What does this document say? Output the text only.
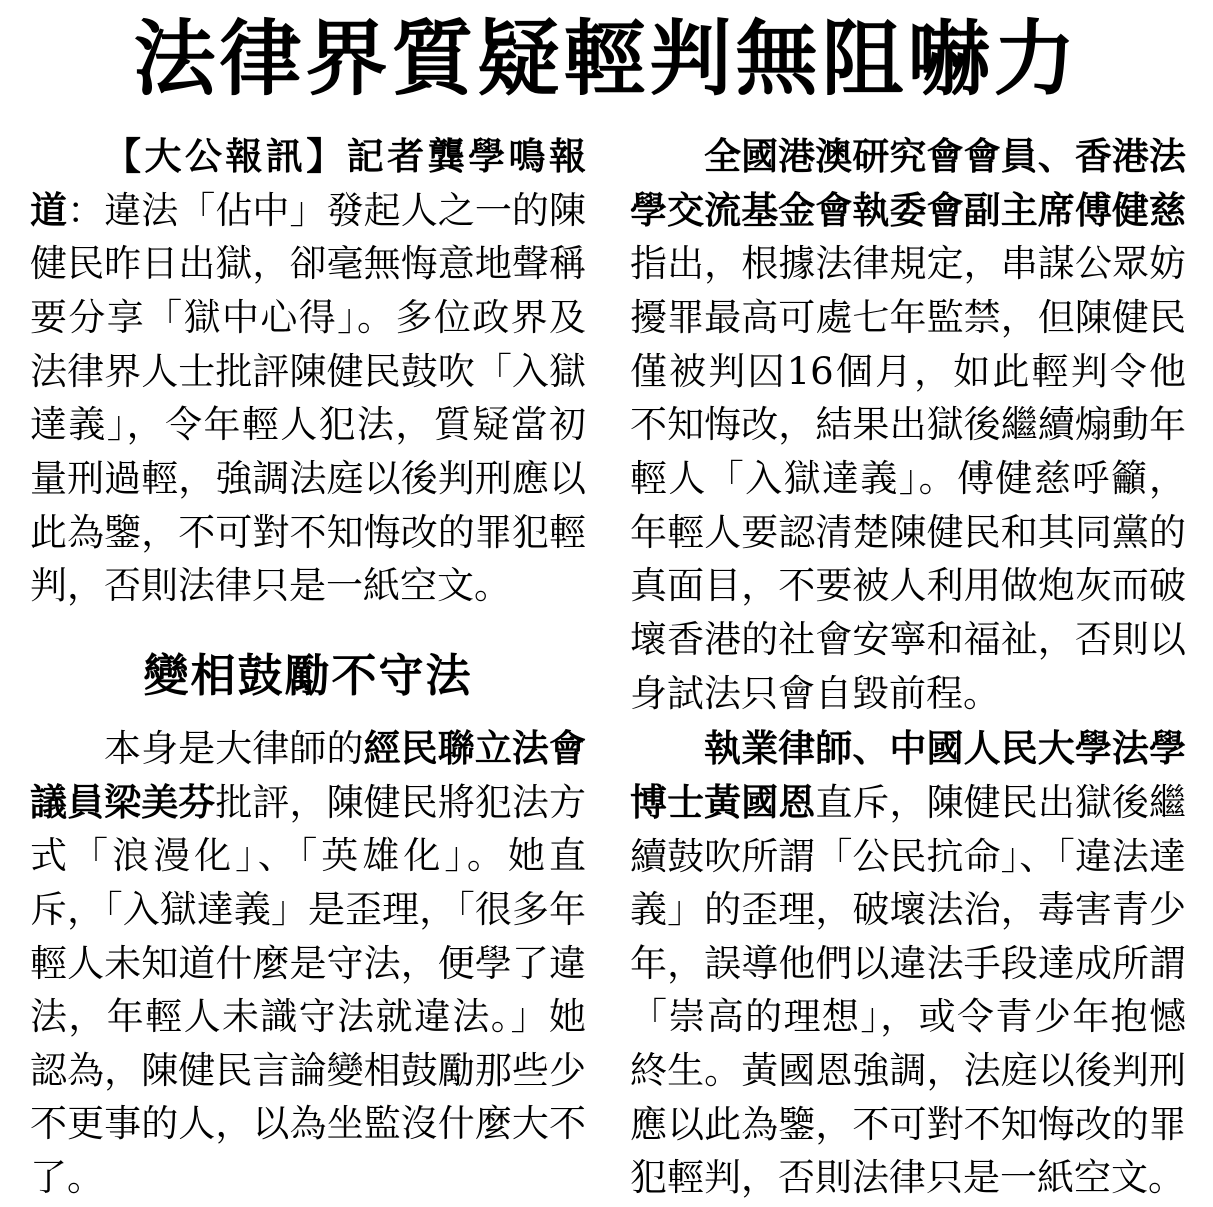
法律界質疑輕判無阻嚇力

【大公報訊】記者龔學鳴報道：違法「佔中」發起人之一的陳健民昨日出獄，卻毫無悔意地聲稱要分享「獄中心得」。多位政界及法律界人士批評陳健民鼓吹「入獄達義」，令年輕人犯法，質疑當初量刑過輕，強調法庭以後判刑應以此為鑒，不可對不知悔改的罪犯輕判，否則法律只是一紙空文。

變相鼓勵不守法

本身是大律師的經民聯立法會議員梁美芬批評，陳健民將犯法方式「浪漫化」、「英雄化」。她直斥，「入獄達義」是歪理，「很多年輕人未知道什麼是守法，便學了違法，年輕人未識守法就違法。」她認為，陳健民言論變相鼓勵那些少不更事的人，以為坐監沒什麼大不了。

全國港澳研究會會員、香港法學交流基金會執委會副主席傅健慈指出，根據法律規定，串謀公眾妨擾罪最高可處七年監禁，但陳健民僅被判囚16個月，如此輕判令他不知悔改，結果出獄後繼續煽動年輕人「入獄達義」。傅健慈呼籲，年輕人要認清楚陳健民和其同黨的真面目，不要被人利用做炮灰而破壞香港的社會安寧和福祉，否則以身試法只會自毀前程。

執業律師、中國人民大學法學博士黃國恩直斥，陳健民出獄後繼續鼓吹所謂「公民抗命」、「違法達義」的歪理，破壞法治，毒害青少年，誤導他們以違法手段達成所謂「崇高的理想」，或令青少年抱憾終生。黃國恩強調，法庭以後判刑應以此為鑒，不可對不知悔改的罪犯輕判，否則法律只是一紙空文。
